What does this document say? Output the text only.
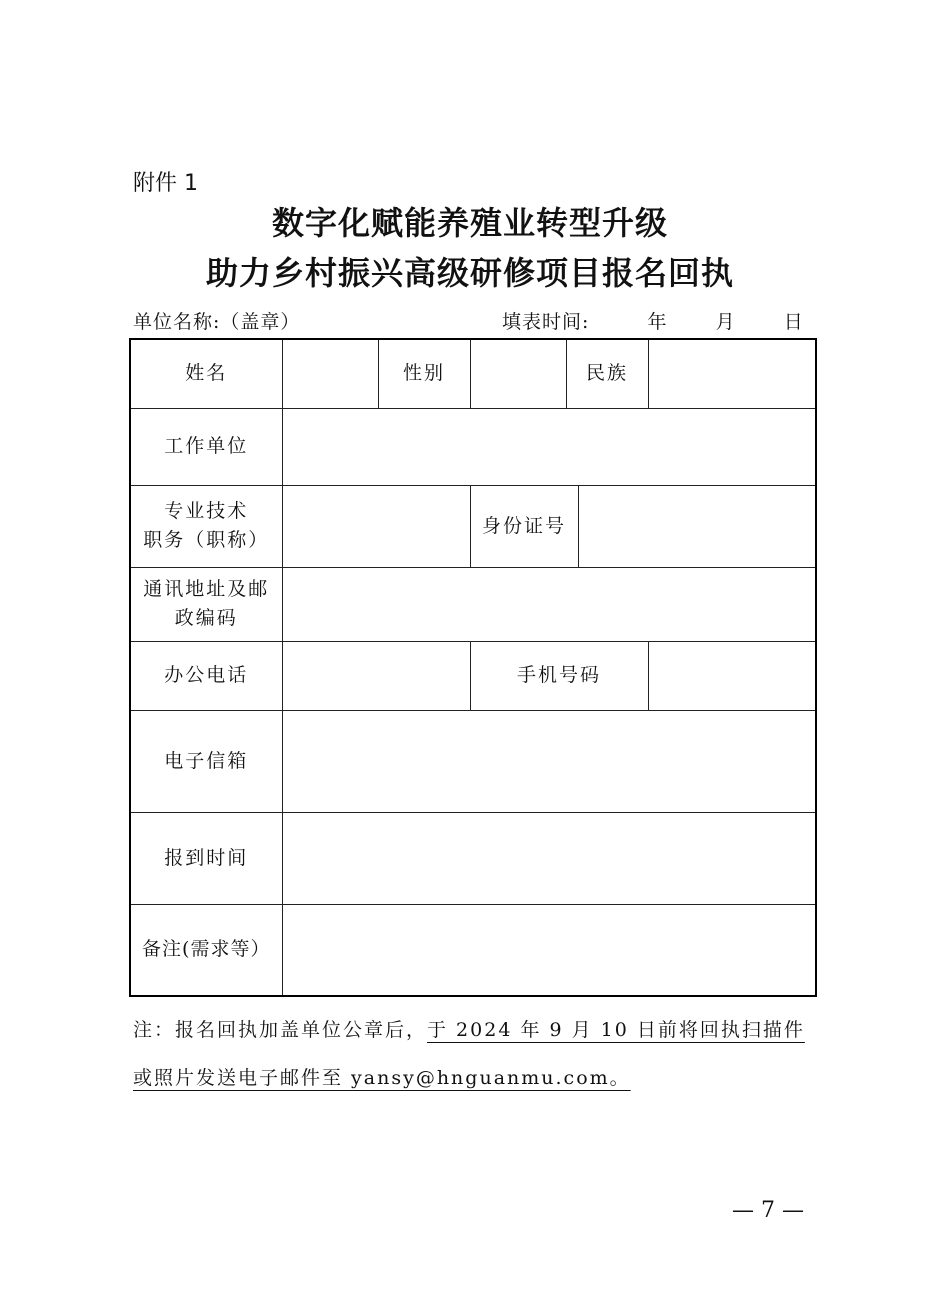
附件 1
数字化赋能养殖业转型升级
助力乡村振兴高级研修项目报名回执
单位名称:（盖章）	填表时间:	年	月	日
姓名		性别		民族		
工作单位						

专业技术
职务（职称）			身份证号			

通讯地址及邮
政编码						

办公电话			手机号码			
电子信箱						
报到时间						
备注(需求等）						
注：报名回执加盖单位公章后，于 2024 年 9 月 10 日前将回执扫描件
或照片发送电子邮件至 yansy@hnguanmu.com。
— 7 —
